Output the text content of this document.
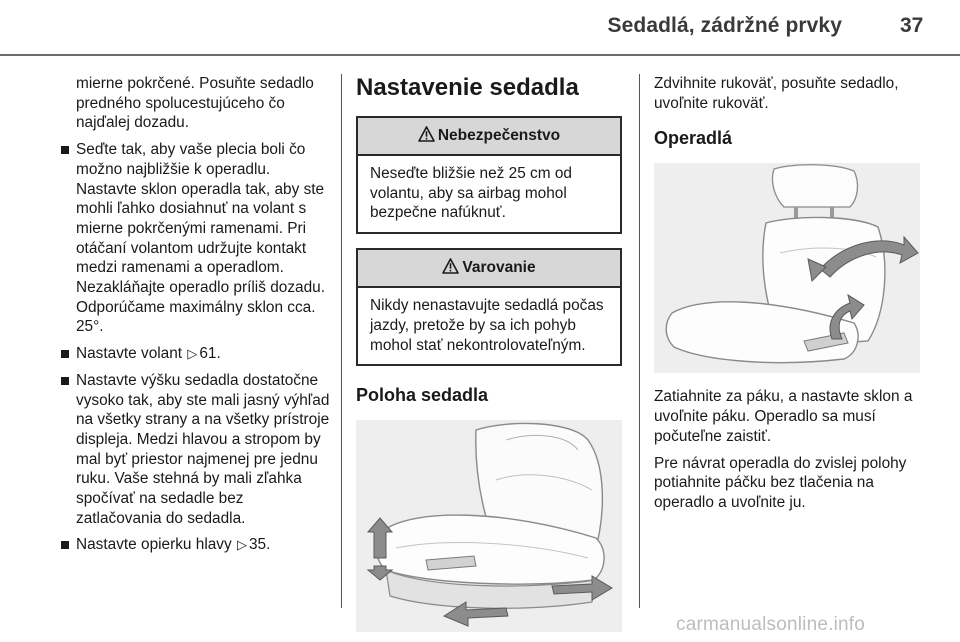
Sedadlá, zádržné prvky	37

mierne pokrčené. Posuňte sedadlo predného spolucestujúceho čo najďalej dozadu.

Seďte tak, aby vaše plecia boli čo možno najbližšie k operadlu. Nastavte sklon operadla tak, aby ste mohli ľahko dosiahnuť na volant s mierne pokrčenými ramenami. Pri otáčaní volantom udržujte kontakt medzi ramenami a operadlom. Nezakláňajte operadlo príliš dozadu. Odporúčame maximálny sklon cca. 25°.
Nastavte volant ▷ 61.
Nastavte výšku sedadla dostatočne vysoko tak, aby ste mali jasný výhľad na všetky strany a na všetky prístroje displeja. Medzi hlavou a stropom by mal byť priestor najmenej pre jednu ruku. Vaše stehná by mali zľahka spočívať na sedadle bez zatlačovania do sedadla.
Nastavte opierku hlavy ▷ 35.
Nastavenie sedadla
Nebezpečenstvo
Neseďte bližšie než 25 cm od volantu, aby sa airbag mohol bezpečne nafúknuť.
Varovanie
Nikdy nenastavujte sedadlá počas jazdy, pretože by sa ich pohyb mohol stať nekontrolovateľným.
Poloha sedadla

Zdvihnite rukoväť, posuňte sedadlo, uvoľnite rukoväť.

Operadlá

Zatiahnite za páku, a nastavte sklon a uvoľnite páku. Operadlo sa musí počuteľne zaistiť.

Pre návrat operadla do zvislej polohy potiahnite páčku bez tlačenia na operadlo a uvoľnite ju.

carmanualsonline.info
